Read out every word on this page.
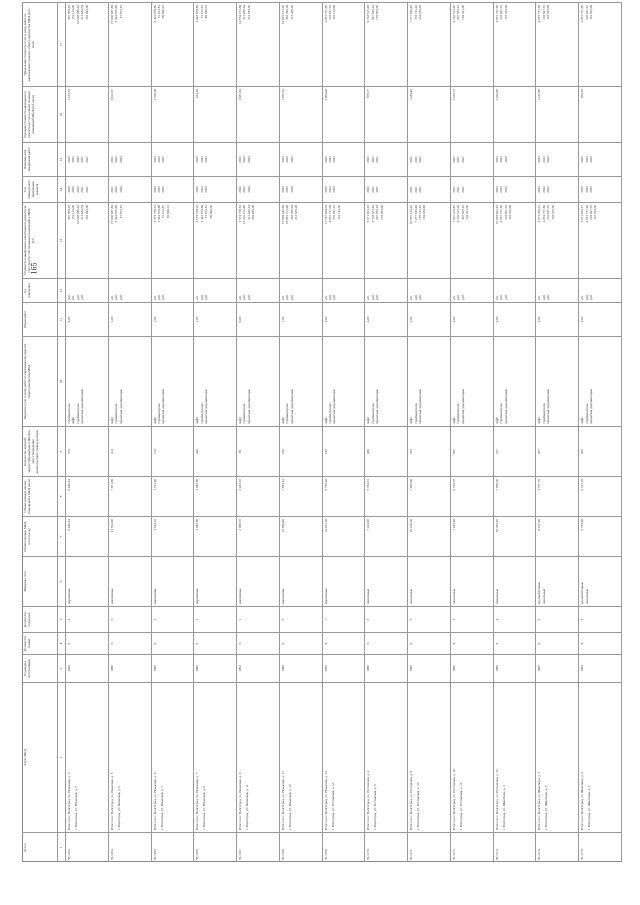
165
№ п/п
Адрес МКД
Год ввода в эксплуатацию
Количество этажей
Количество подъездов
Материал стен
Общая площадь МКД, всего (кв.м)
Общая площадь жилых помещений в МКД (кв.м)
Количество жителей, зарегистрированных в МКД на дату утверждения краткосрочного плана (человек)
Перечень услуг и (или) работ по капитальному ремонту общего имущества МКД
Объем работ
Ед. измерения
Стоимость планируемого капитального ремонта за счет средств собственников помещений в МКД, руб.
Год планируемого завершения ремонта
Плановая дата завершения работ
Удельная стоимость капитального ремонта на 1 кв.м общей площади помещений МКД (руб./кв.м)
Предельная стоимость услуг и (или) работ по капитальному ремонту общего имущества МКД (руб./кв.м)
1
2
3
4
5
6
7
8
9
10
11
12
13
14
15
16
17
Итого по г. Волгоград, ул. Рязанская, д. 3
56.1163.
г. Волгоград, ул. Рязанская, д. 5
1984
9
4
кирпичные
8 640,23
8 640,23
374
стройконтроль
лифт
стройконтроль
проектная документация
6,00
руб.
шт.
руб.
руб.
207 655,23
151 114,00
10 068 286,43
311 482,34
193 892,00
2023
2022
2022
2021
2021
2022
2022
2022
2021
2021
1 165,35
207 655,23
151 114,00
10 068 286,43
311 482,34
193 892,00
Итого по г. Волгоград, ул. Рязанская, д. 5
56.1164.
г. Волгоград, ул. Рязанская, д. 6
1980
9
6
кирпичные
12 554,90
7 871,86
214
лифт
стройконтроль
проектная документация
1,00
шт.
руб.
руб.
15 608 687,84
2 423 878,80
51 913,81
2021
2022
2022
2021
2022
2022
2 013,67
15 608 687,84
2 423 878,80
51 913,81
Итого по г. Волгоград, ул. Рязанская, д. 6
56.1165.
г. Волгоград, ул. Рязанская, д. 7
1983
9
1
кирпичные
3 524,10
1 511,00
114
лифт
стройконтроль
проектная документация
1,00
шт.
руб.
руб.
2 575 758,61
2 423 878,80
51 913,81
96 946,01
2022
2022
2022
2022
2022
2022
1 708,00
2 423 878,80
51 913,81
96 946,01
Итого по г. Волгоград, ул. Рязанская, д. 7
56.1166.
г. Волгоград, ул. Рязанская, д. 9
1986
9
1
кирпичные
4 060,50
4 060,50
240
лифт
стройконтроль
проектная документация
1,00
шт.
руб.
руб.
2 574 738,61
2 423 878,80
51 913,81
96 946,00
2022
2022
2022
2022
2022
2022
634,00
2 423 878,80
51 913,81
96 946,01
Итого по г. Волгоград, ул. Рязанская, д. 9
56.1167.
г. Волгоград, ул. Рязанская, д. 11
1992
9
1
кирпичные
3 988,70
2 452,10
85
лифт
стройконтроль
проектная документация
6,00
шт.
руб.
руб.
2 574 738,61
14 552 272,80
311 482,34
193 892,00
2022
2022
2022
2022
2022
2022
1 081,62
14 552 272,80
311 482,34
213 385,00
Итого по г. Волгоград, ул. Рязанская, д. 11
56.1168.
г. Волгоград, ул. Рязанская, д. 13
1988
9
6
кирпичные
12 980,40
7 693,43
216
лифт
стройконтроль
проектная документация
7,00
шт.
руб.
руб.
15 069 645,64
16 981 151,06
363 396,64
213 385,00
2022
2022
2022
2022
2022
2022
1 957,61
16 981 151,06
363 396,64
213 385,00
Итого по г. Волгоград, ул. Рязанская, д. 13
56.1169.
г. Волгоград, ул. Ростовская, д. 13
1995
9
7
кирпичные
14 251,30
8 759,30
195
лифт
стройконтроль
проектная документация
2,00
шт.
руб.
руб.
17 557 929,34
4 851 757,60
103 827,61
116 124,00
2022
2022
2022
2022
2022
2022
2 004,48
4 851 757,60
103 827,61
116 124,00
Итого по г. Волгоград, ул. Ростовская, д. 4
56.1170.
г. Волгоград, ул. Ростовская, д. 8
1980
9
3
панельные
7 414,90
5 764,31
228
лифт
стройконтроль
проектная документация
4,00
шт.
руб.
руб.
5 071 821,21
9 703 515,20
207 655,23
155 963,00
2022
2021
2021
2022
2021
2021
879,77
9 703 515,20
207 655,23
155 963,00
Итого по г. Волгоград, ул. Ростовская, д. 8
56.1171.
г. Волгоград, ул. Ростовская, д. 10
1983
9
3
панельные
10 168,30
7 809,80
323
лифт
стройконтроль
проектная документация
3,00
шт.
руб.
руб.
10 067 133,43
7 277 636,40
155 741,42
134 036,00
2021
2021
2021
2021
2021
2021
1 282,46
7 277 636,40
155 741,42
134 036,00
Итого по г. Волгоград, ул. Ростовская, д. 10
56.1172.
г. Волгоград, ул. Ростовская, д. 12
1980
9
3
панельные
7 426,50
5 762,78
257
лифт
стройконтроль
проектная документация
4,00
шт.
руб.
руб.
7 567 413,82
9 703 515,20
207 655,23
154 321,00
2021
2021
2021
2021
2021
2021
1 316,73
9 703 515,20
207 655,23
154 321,00
Итого по г. Волгоград, ул. Ростовская, д. 12
56.1173.
г. Волгоград, ул. Шекспира, д. 3
1988
9
4
панельные
10 365,20
7 958,30
317
лифт
стройконтроль
проектная документация
2,00
шт.
руб.
руб.
10 065 491,43
4 851 757,60
103 827,61
116 335,00
2022
2022
2022
2022
2022
2022
1 264,83
4 851 757,60
103 827,61
116 335,00
Итого по г. Волгоград, ул. Шекспира, д. 3
56.1174.
г. Волгоград, ул. Шекспира, д. 5
1995
9
2
крупноблочные
панельные
8 167,00
3 797,70
207
лифт
стройконтроль
проектная документация
2,00
шт.
руб.
руб.
5 071 920,21
4 851 757,60
103 827,61
116 335,00
2022
2022
2022
2022
2022
2022
1 412,89
4 851 757,60
103 827,61
116 335,00
Итого по г. Волгоград, ул. Шекспира, д. 5
56.1175.
г. Волгоград, ул. Шекспира, д. 7
1993
9
2
крупноблочные
панельные
6 795,80
5 315,10
205
лифт
стройконтроль
проектная документация
2,00
шт.
руб.
руб.
5 071 920,21
4 851 757,60
103 827,61
116 335,00
2022
2022
2022
2022
2022
2022
954,25
4 851 757,60
103 827,61
116 335,00
